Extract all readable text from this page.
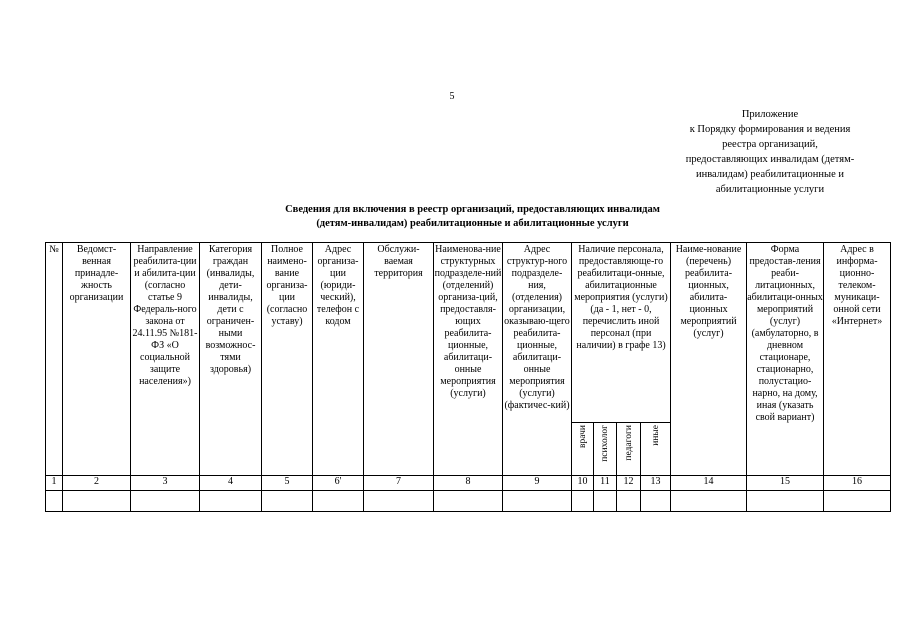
5
Приложение
к Порядку формирования и ведения
реестра организаций,
предоставляющих инвалидам (детям-
инвалидам) реабилитационные и
абилитационные услуги
Сведения для включения в реестр организаций, предоставляющих инвалидам
(детям-инвалидам) реабилитационные и абилитационные услуги
№	Ведомст-венная принадле-жность организации	Направление реабилита-ции и абилита-ции (согласно статье 9 Федераль-ного закона от 24.11.95 №181-ФЗ «О социальной защите населения»)	Категория граждан (инвалиды, дети-инвалиды, дети с ограничен-ными возможнос-тями здоровья)	Полное наимено-вание организа-ции (согласно уставу)	Адрес организа-ции (юриди-ческий), телефон с кодом	Обслужи-ваемая территория	Наименова-ние структурных подразделе-ний (отделений) организа-ций, предоставля-ющих реабилита-ционные, абилитаци-онные мероприятия (услуги)	Адрес структур-ного подразделе-ния, (отделения) организации, оказываю-щего реабилита-ционные, абилитаци-онные мероприятия (услуги) (фактичес-кий)	Наличие персонала, предоставляюще-го реабилитаци-онные, абилитационные мероприятия (услуги) (да - 1, нет - 0, перечислить иной персонал (при наличии) в графе 13)				Наиме-нование (перечень) реабилита-ционных, абилита-ционных мероприятий (услуг)	Форма предостав-ления реаби-литационных, абилитаци-онных мероприятий (услуг) (амбулаторно, в дневном стационаре, стационарно, полустацио-нарно, на дому, иная (указать свой вариант)	Адрес в информа-ционно-телеком-муникаци-онной сети «Интернет»

									врачи	психолог	педагоги	иные			
1	2	3	4	5	6'	7	8	9	10	11	12	13	14	15	16
